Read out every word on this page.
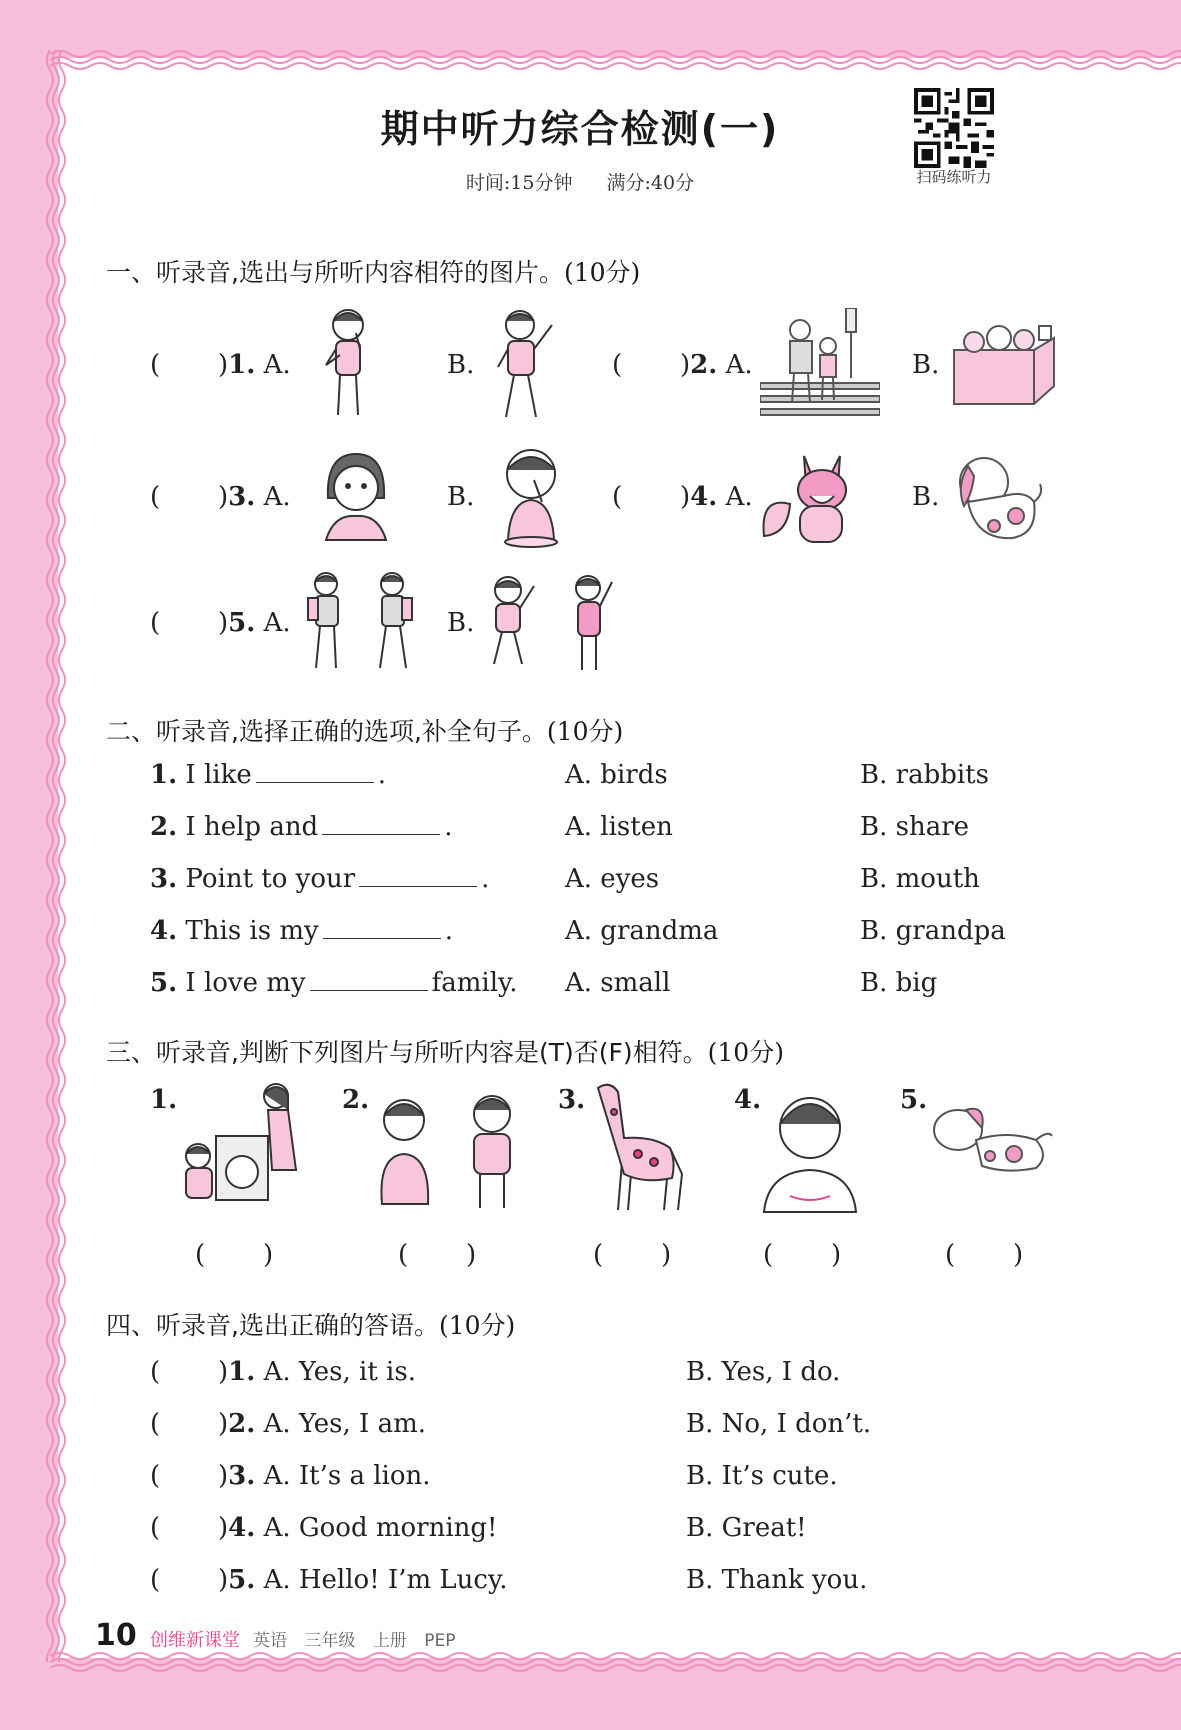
期中听力综合检测(一)
时间:15分钟 满分:40分	扫码练听力
一、听录音,选出与所听内容相符的图片。(10分)
(       )1. A.	B.	(       )2. A.	B.
(       )3. A.	B.	(       )4. A.	B.
(       )5. A.	B.
二、听录音,选择正确的选项,补全句子。(10分)
1. I like	.	A. birds	B. rabbits
2. I help and	.	A. listen	B. share
3. Point to your	.	A. eyes	B. mouth
4. This is my	.	A. grandma	B. grandpa
5. I love my	family. A. small	B. big
三、听录音,判断下列图片与所听内容是(T)否(F)相符。(10分)
1.	2.	3.	4.	5.
(       )	(       )	(       )	(       )	(       )
四、听录音,选出正确的答语。(10分)
(       )1. A. Yes, it is.	B. Yes, I do.
(       )2. A. Yes, I am.	B. No, I don’t.
(       )3. A. It’s a lion.	B. It’s cute.
(       )4. A. Good morning!	B. Great!
(       )5. A. Hello! I’m Lucy.	B. Thank you.
10 创维新课堂 英语 三年级 上册 PEP
